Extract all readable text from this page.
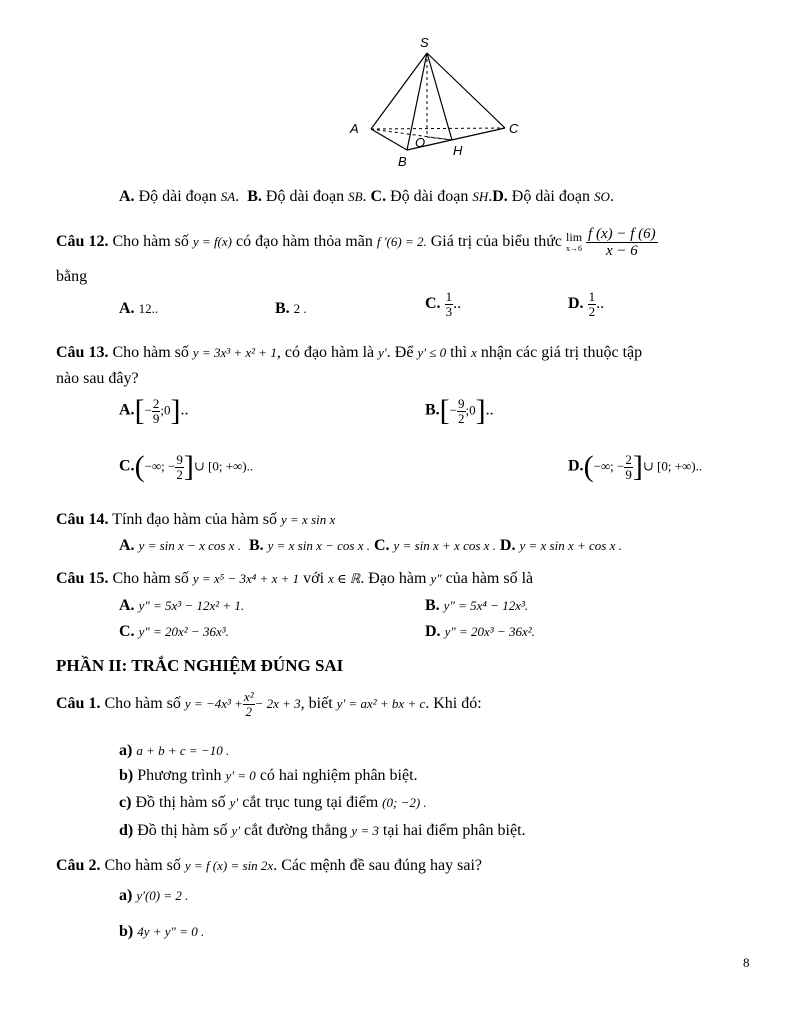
S
A	C
O
H
B
A. Độ dài đoạn SA. B. Độ dài đoạn SB. C. Độ dài đoạn SH.D. Độ dài đoạn SO.
Câu 12. Cho hàm số y = f(x) có đạo hàm thỏa mãn f ′(6) = 2. Giá trị của biểu thức lim
x→6
$\frac{f (x) - f (6)}{x - 6}$
bằng
A. 12..	B. 2 .	C. $\frac{1}{3}$ ..	D. $\frac{1}{2}$ ..
Câu 13. Cho hàm số y = 3x³ + x² + 1, có đạo hàm là y′. Để y′ ≤ 0 thì x nhận các giá trị thuộc tập
nào sau đây?
$A.[- \frac{2}{9}$ ;0]..	$B.[- \frac{9}{2}$ ;0]..
C.(−∞; − $\frac{9}{2}$ ]∪ [0; +∞)..	D.(−∞; − $\frac{2}{9}$ ]∪ [0; +∞)..
Câu 14. Tính đạo hàm của hàm số y = x sin x
A. y = sin x − x cos x . B. y = x sin x − cos x . C. y = sin x + x cos x . D. y = x sin x + cos x .
Câu 15. Cho hàm số y = x⁵ − 3x⁴ + x + 1 với x ∈ ℝ. Đạo hàm y″ của hàm số là
A. y″ = 5x³ − 12x² + 1.	B. y″ = 5x⁴ − 12x³.
C. y″ = 20x² − 36x³.	D. y″ = 20x³ − 36x².
PHẦN II: TRẮC NGHIỆM ĐÚNG SAI
Câu 1. Cho hàm số $y = -4x^3 + \frac{\text{x²}}{2} - 2x + 3$, biết y' = ax² + bx + c. Khi đó:
a) a + b + c = −10 .
b) Phương trình y' = 0 có hai nghiệm phân biệt.
c) Đồ thị hàm số y' cắt trục tung tại điểm (0; −2) .
d) Đồ thị hàm số y' cắt đường thẳng y = 3 tại hai điểm phân biệt.
Câu 2. Cho hàm số y = f (x) = sin 2x. Các mệnh đề sau đúng hay sai?
a) y′(0) = 2 .
b) 4y + y″ = 0 .
8
